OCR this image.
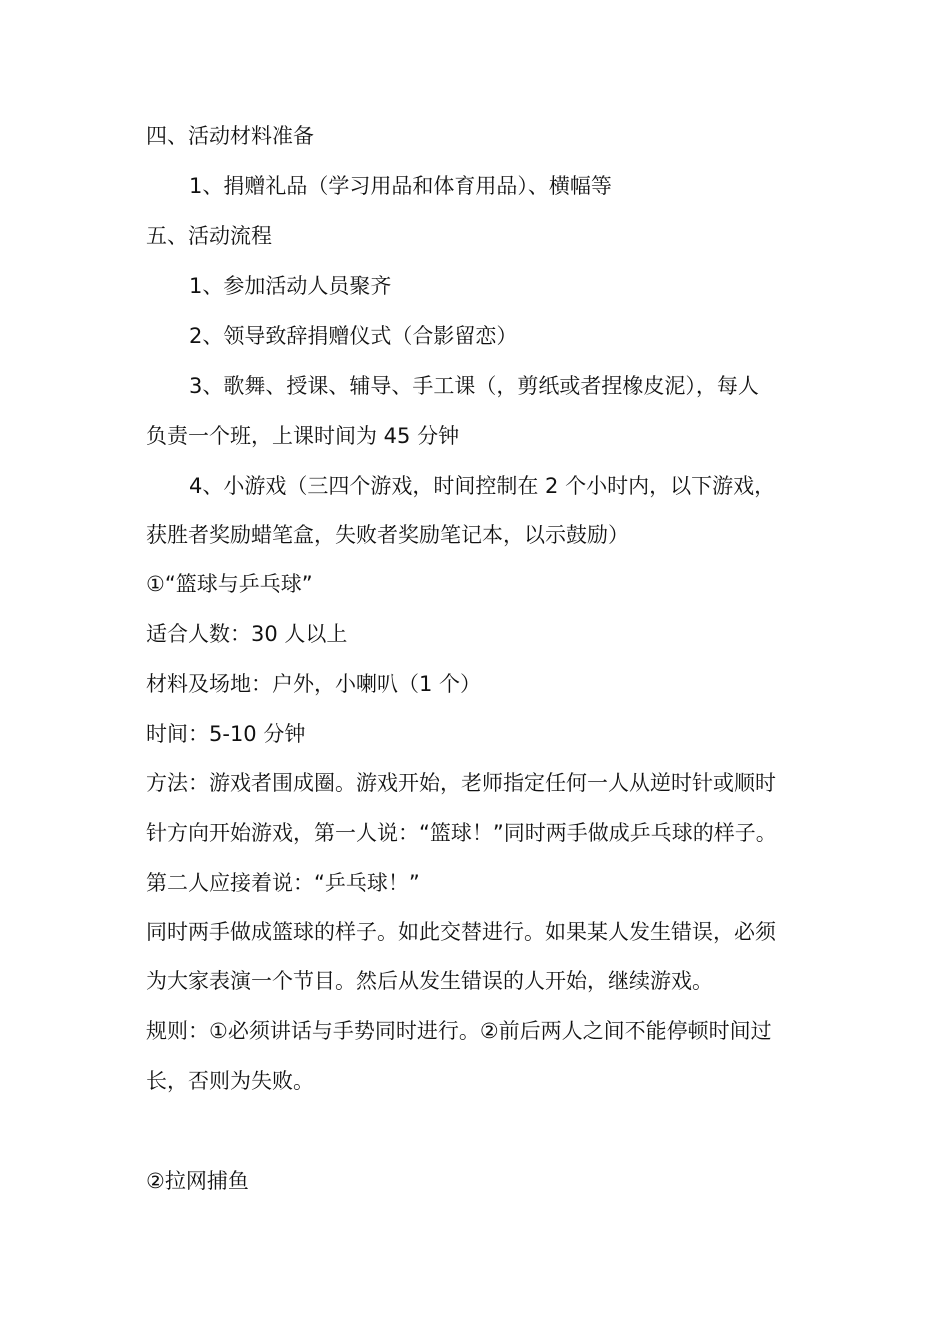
四、活动材料准备
1、捐赠礼品（学习用品和体育用品）、横幅等
五、活动流程
1、参加活动人员聚齐
2、领导致辞捐赠仪式（合影留恋）
3、歌舞、授课、辅导、手工课（，剪纸或者捏橡皮泥），每人
负责一个班，上课时间为 45 分钟
4、小游戏（三四个游戏，时间控制在 2 个小时内，以下游戏，
获胜者奖励蜡笔盒，失败者奖励笔记本，以示鼓励）
①“篮球与乒乓球”
适合人数：30 人以上
材料及场地：户外，小喇叭（1 个）
时间：5-10 分钟
方法：游戏者围成圈。游戏开始，老师指定任何一人从逆时针或顺时
针方向开始游戏，第一人说：“篮球！”同时两手做成乒乓球的样子。
第二人应接着说：“乒乓球！”
同时两手做成篮球的样子。如此交替进行。如果某人发生错误，必须
为大家表演一个节目。然后从发生错误的人开始，继续游戏。
规则：①必须讲话与手势同时进行。②前后两人之间不能停顿时间过
长，否则为失败。
②拉网捕鱼
